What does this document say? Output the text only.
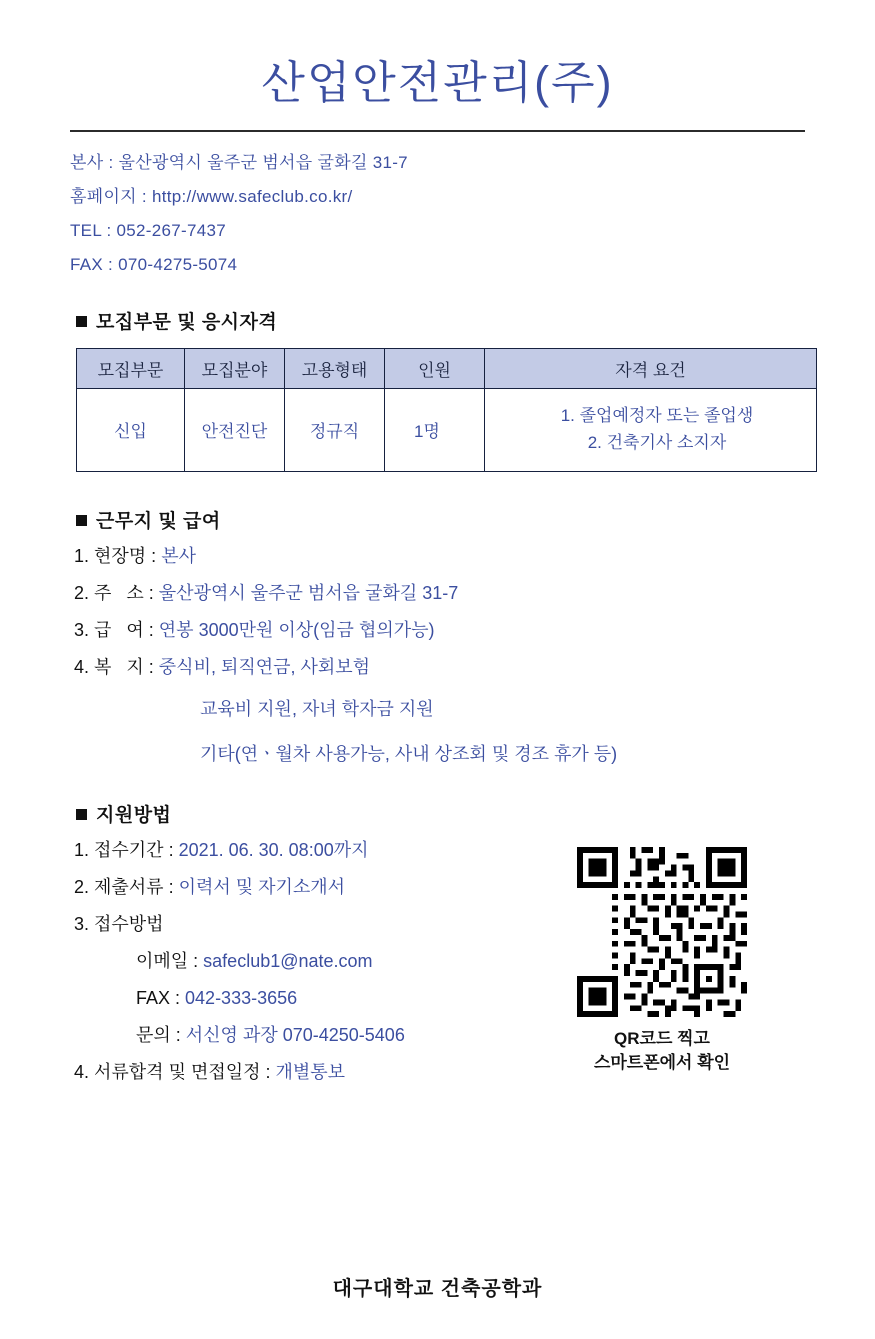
산업안전관리(주)
본사 : 울산광역시 울주군 범서읍 굴화길 31-7
홈페이지 : http://www.safeclub.co.kr/
TEL : 052-267-7437
FAX : 070-4275-5074
모집부문 및 응시자격
모집부문	모집분야	고용형태	인원	자격 요건
신입	안전진단	정규직	1명	1. 졸업예정자 또는 졸업생
2. 건축기사 소지자
근무지 및 급여
1. 현장명 : 본사
2. 주   소 : 울산광역시 울주군 범서읍 굴화길 31-7
3. 급   여 : 연봉 3000만원 이상(임금 협의가능)
4. 복   지 : 중식비, 퇴직연금, 사회보험
교육비 지원, 자녀 학자금 지원
기타(연ㆍ월차 사용가능, 사내 상조회 및 경조 휴가 등)
지원방법
1. 접수기간 : 2021. 06. 30. 08:00까지
2. 제출서류 : 이력서 및 자기소개서
3. 접수방법
이메일 : safeclub1@nate.com
FAX : 042-333-3656
문의 : 서신영 과장 070-4250-5406
4. 서류합격 및 면접일정 : 개별통보
QR코드 찍고
스마트폰에서 확인
대구대학교 건축공학과
